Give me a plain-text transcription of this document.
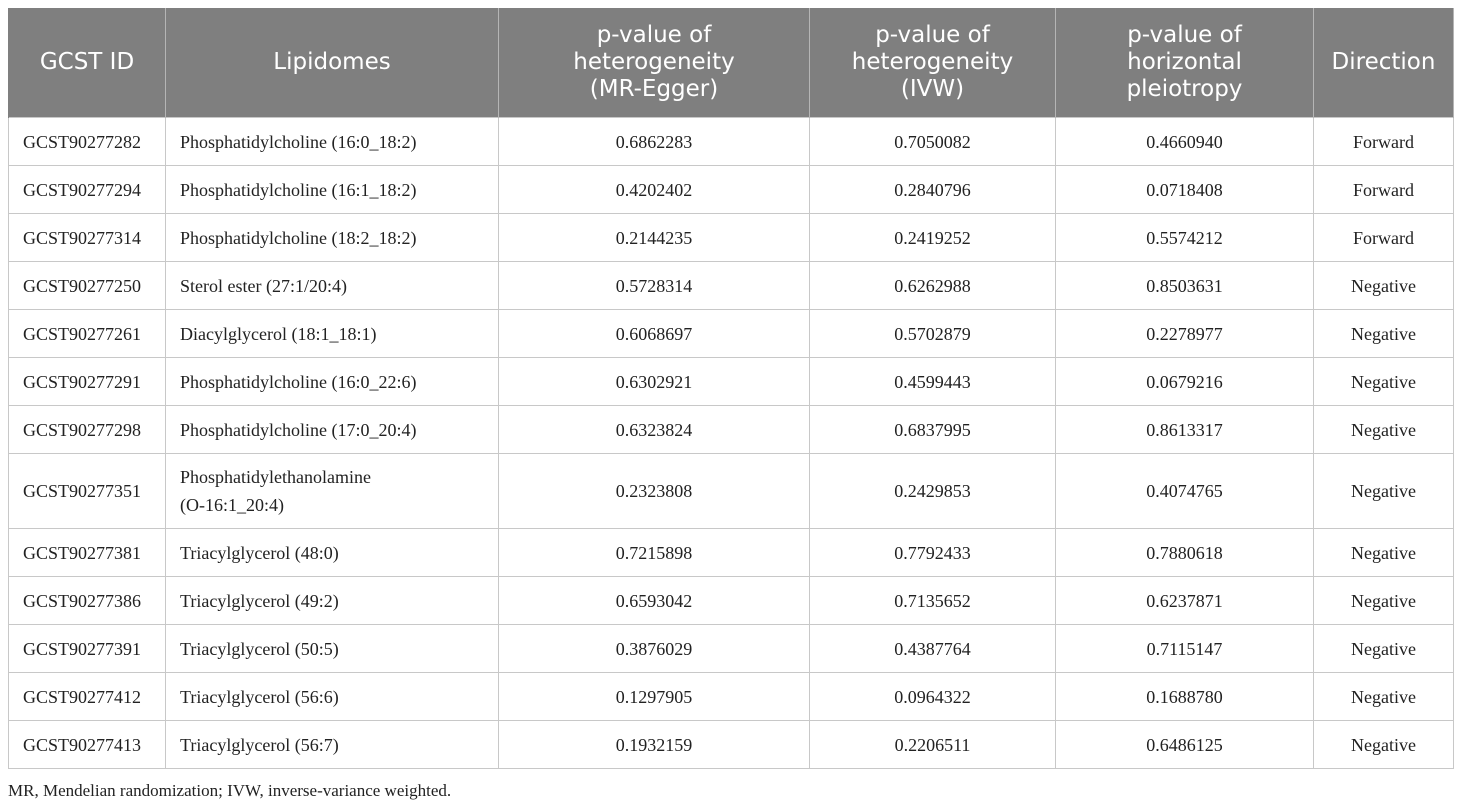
GCST ID	Lipidomes	p-value of
heterogeneity
(MR-Egger)	p-value of
heterogeneity
(IVW)	p-value of
horizontal
pleiotropy	Direction
GCST90277282	Phosphatidylcholine (16:0_18:2)	0.6862283	0.7050082	0.4660940	Forward
GCST90277294	Phosphatidylcholine (16:1_18:2)	0.4202402	0.2840796	0.0718408	Forward
GCST90277314	Phosphatidylcholine (18:2_18:2)	0.2144235	0.2419252	0.5574212	Forward
GCST90277250	Sterol ester (27:1/20:4)	0.5728314	0.6262988	0.8503631	Negative
GCST90277261	Diacylglycerol (18:1_18:1)	0.6068697	0.5702879	0.2278977	Negative
GCST90277291	Phosphatidylcholine (16:0_22:6)	0.6302921	0.4599443	0.0679216	Negative
GCST90277298	Phosphatidylcholine (17:0_20:4)	0.6323824	0.6837995	0.8613317	Negative
GCST90277351	Phosphatidylethanolamine
(O-16:1_20:4)	0.2323808	0.2429853	0.4074765	Negative
GCST90277381	Triacylglycerol (48:0)	0.7215898	0.7792433	0.7880618	Negative
GCST90277386	Triacylglycerol (49:2)	0.6593042	0.7135652	0.6237871	Negative
GCST90277391	Triacylglycerol (50:5)	0.3876029	0.4387764	0.7115147	Negative
GCST90277412	Triacylglycerol (56:6)	0.1297905	0.0964322	0.1688780	Negative
GCST90277413	Triacylglycerol (56:7)	0.1932159	0.2206511	0.6486125	Negative
MR, Mendelian randomization; IVW, inverse-variance weighted.
